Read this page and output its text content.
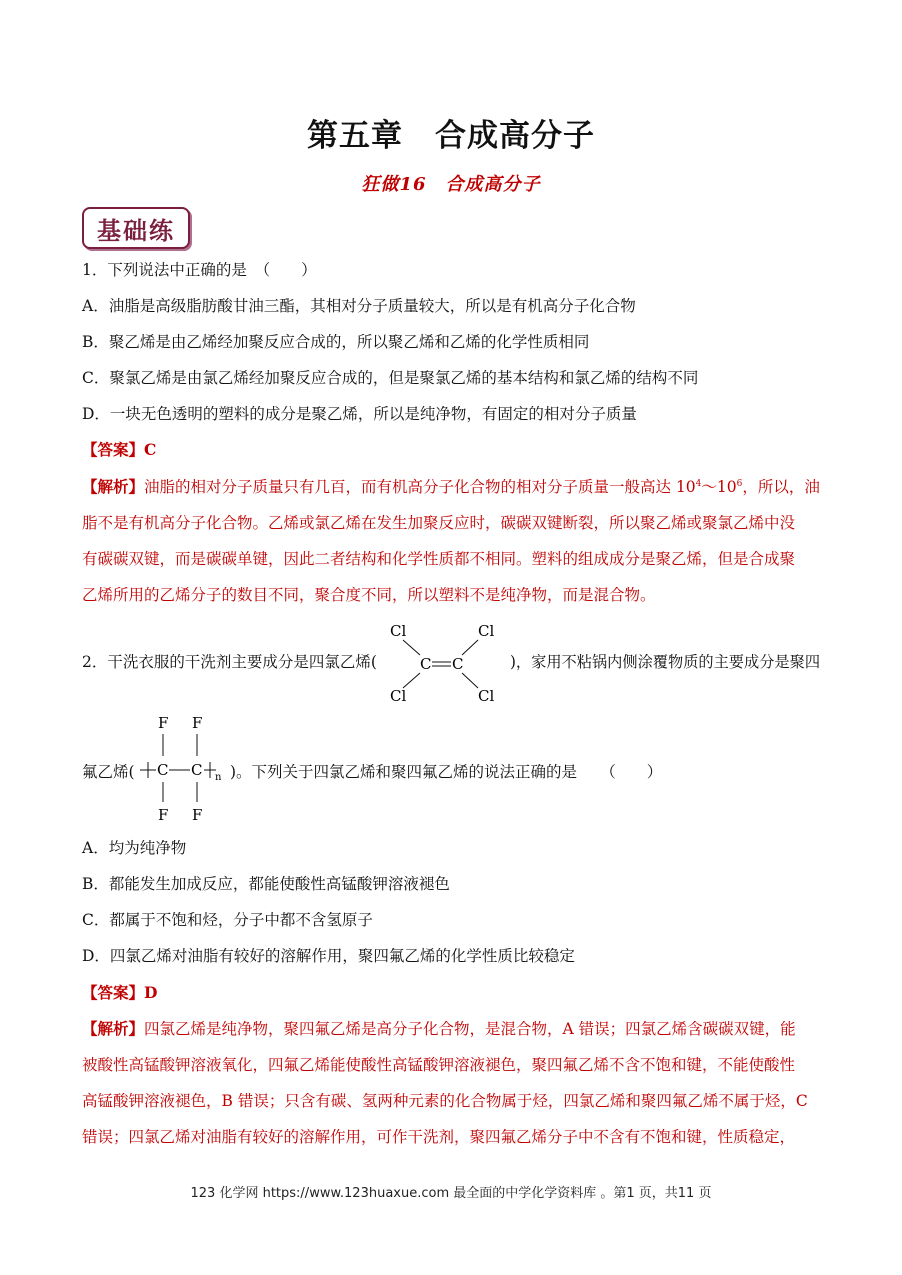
第五章　合成高分子
狂做16　合成高分子
基础练
1．下列说法中正确的是　（　　）
A．油脂是高级脂肪酸甘油三酯，其相对分子质量较大，所以是有机高分子化合物
B．聚乙烯是由乙烯经加聚反应合成的，所以聚乙烯和乙烯的化学性质相同
C．聚氯乙烯是由氯乙烯经加聚反应合成的，但是聚氯乙烯的基本结构和氯乙烯的结构不同
D．一块无色透明的塑料的成分是聚乙烯，所以是纯净物，有固定的相对分子质量
【答案】C
【解析】油脂的相对分子质量只有几百，而有机高分子化合物的相对分子质量一般高达 $10^4\sim 10^6$，所以，油
脂不是有机高分子化合物。乙烯或氯乙烯在发生加聚反应时，碳碳双键断裂，所以聚乙烯或聚氯乙烯中没
有碳碳双键，而是碳碳单键，因此二者结构和化学性质都不相同。塑料的组成成分是聚乙烯，但是合成聚
乙烯所用的乙烯分子的数目不同，聚合度不同，所以塑料不是纯净物，而是混合物。
2．干洗衣服的干洗剂主要成分是四氯乙烯(
Cl	Cl
C C
Cl	Cl
)，家用不粘锅内侧涂覆物质的主要成分是聚四
氟乙烯(
F F
C C n
F F
)。下列关于四氯乙烯和聚四氟乙烯的说法正确的是　　（　　）
A．均为纯净物
B．都能发生加成反应，都能使酸性高锰酸钾溶液褪色
C．都属于不饱和烃，分子中都不含氢原子
D．四氯乙烯对油脂有较好的溶解作用，聚四氟乙烯的化学性质比较稳定
【答案】D
【解析】四氯乙烯是纯净物，聚四氟乙烯是高分子化合物，是混合物，A 错误；四氯乙烯含碳碳双键，能
被酸性高锰酸钾溶液氧化，四氟乙烯能使酸性高锰酸钾溶液褪色，聚四氟乙烯不含不饱和键，不能使酸性
高锰酸钾溶液褪色，B 错误；只含有碳、氢两种元素的化合物属于烃，四氯乙烯和聚四氟乙烯不属于烃，C
错误；四氯乙烯对油脂有较好的溶解作用，可作干洗剂，聚四氟乙烯分子中不含有不饱和键，性质稳定，
123 化学网 https://www.123huaxue.com 最全面的中学化学资料库 。第1 页，共11 页
